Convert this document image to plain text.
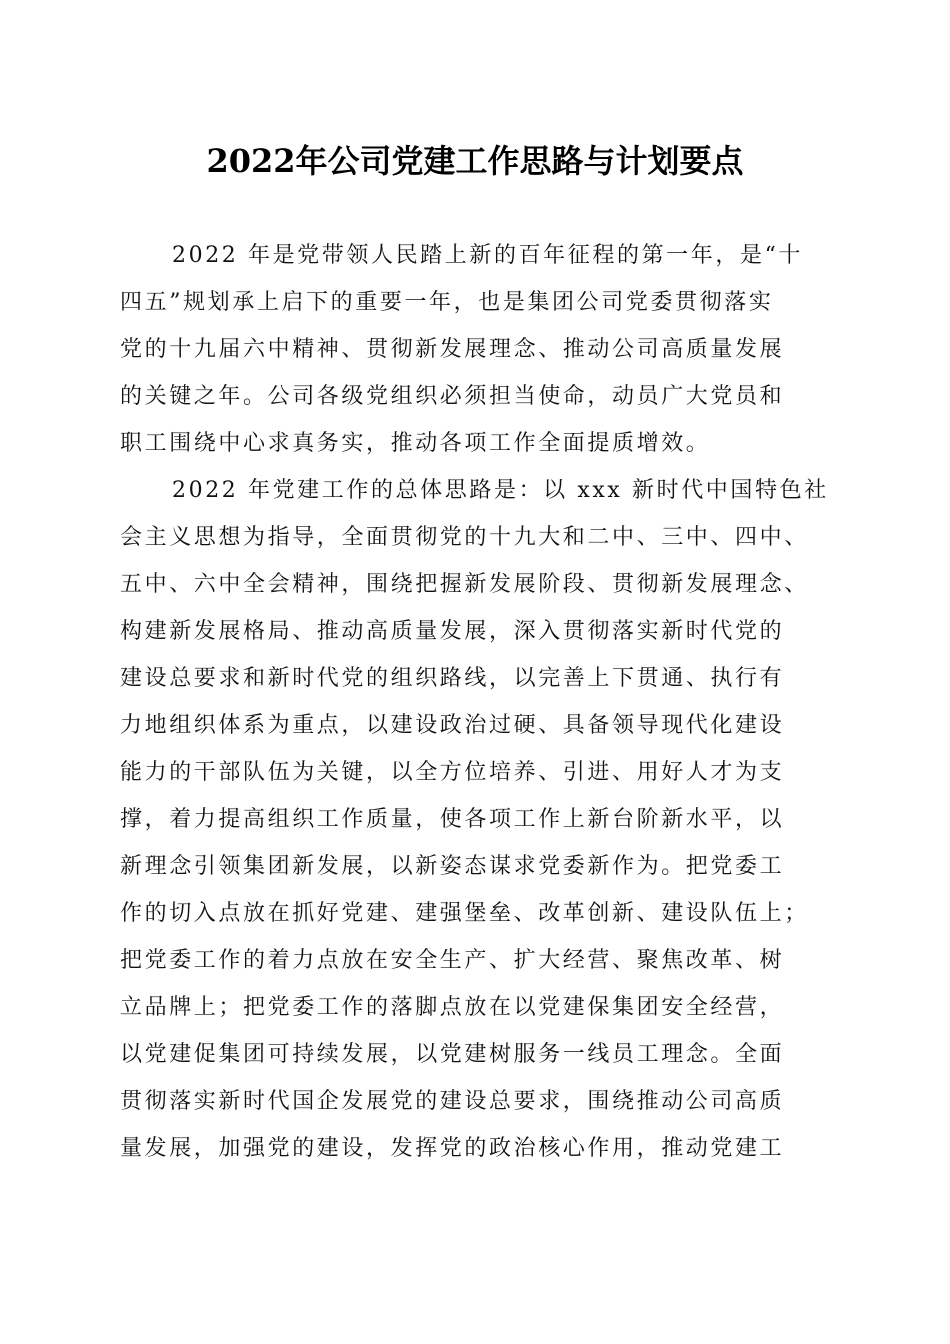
2022年公司党建工作思路与计划要点
2022 年是党带领人民踏上新的百年征程的第一年，是“十
四五”规划承上启下的重要一年，也是集团公司党委贯彻落实
党的十九届六中精神、贯彻新发展理念、推动公司高质量发展
的关键之年。公司各级党组织必须担当使命，动员广大党员和
职工围绕中心求真务实，推动各项工作全面提质增效。
2022 年党建工作的总体思路是：以 xxx 新时代中国特色社
会主义思想为指导，全面贯彻党的十九大和二中、三中、四中、
五中、六中全会精神，围绕把握新发展阶段、贯彻新发展理念、
构建新发展格局、推动高质量发展，深入贯彻落实新时代党的
建设总要求和新时代党的组织路线，以完善上下贯通、执行有
力地组织体系为重点，以建设政治过硬、具备领导现代化建设
能力的干部队伍为关键，以全方位培养、引进、用好人才为支
撑，着力提高组织工作质量，使各项工作上新台阶新水平，以
新理念引领集团新发展，以新姿态谋求党委新作为。把党委工
作的切入点放在抓好党建、建强堡垒、改革创新、建设队伍上；
把党委工作的着力点放在安全生产、扩大经营、聚焦改革、树
立品牌上；把党委工作的落脚点放在以党建保集团安全经营，
以党建促集团可持续发展，以党建树服务一线员工理念。全面
贯彻落实新时代国企发展党的建设总要求，围绕推动公司高质
量发展，加强党的建设，发挥党的政治核心作用，推动党建工
